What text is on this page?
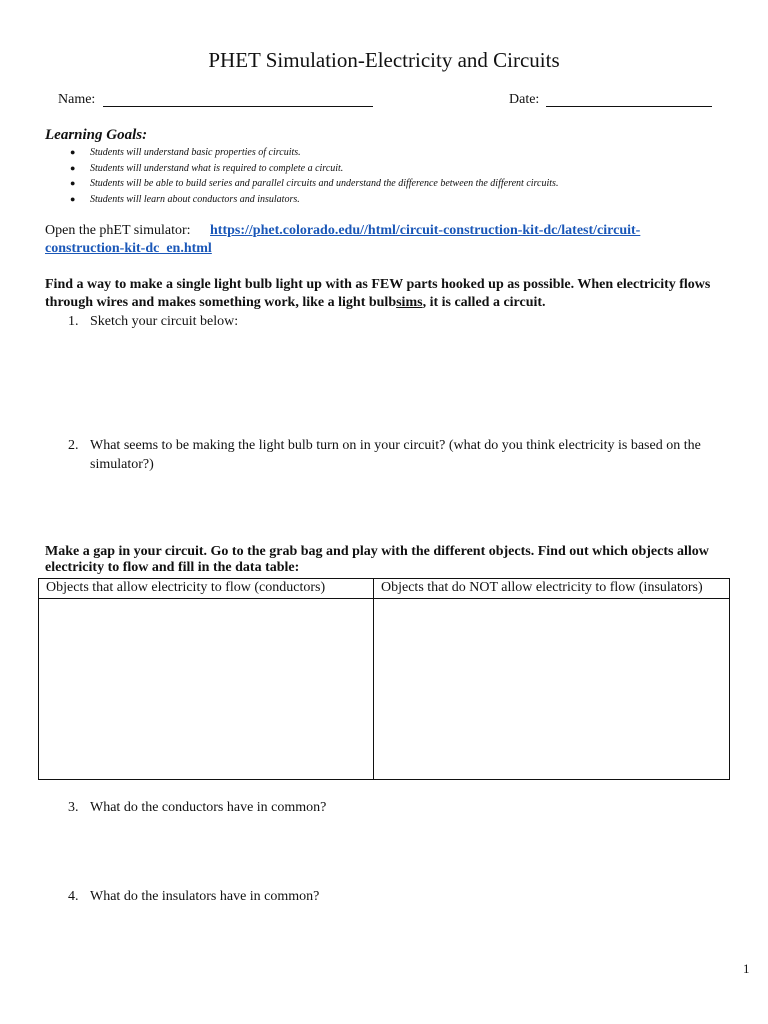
PHET Simulation-Electricity and Circuits
Name:	Date:
Learning Goals:
● Students will understand basic properties of circuits.
● Students will understand what is required to complete a circuit.
● Students will be able to build series and parallel circuits and understand the difference between the different circuits.
● Students will learn about conductors and insulators.
Open the phET simulator: https://phet.colorado.edu//html/circuit-construction-kit-dc/latest/circuit-
construction-kit-dc_en.html
Find a way to make a single light bulb light up with as FEW parts hooked up as possible. When electricity flows through wires and makes something work, like a light bulbsims, it is called a circuit.
1. Sketch your circuit below:
2. What seems to be making the light bulb turn on in your circuit? (what do you think electricity is based on the simulator?)
Make a gap in your circuit. Go to the grab bag and play with the different objects. Find out which objects allow electricity to flow and fill in the data table:
Objects that allow electricity to flow (conductors)	Objects that do NOT allow electricity to flow (insulators)

3. What do the conductors have in common?
4. What do the insulators have in common?
1
